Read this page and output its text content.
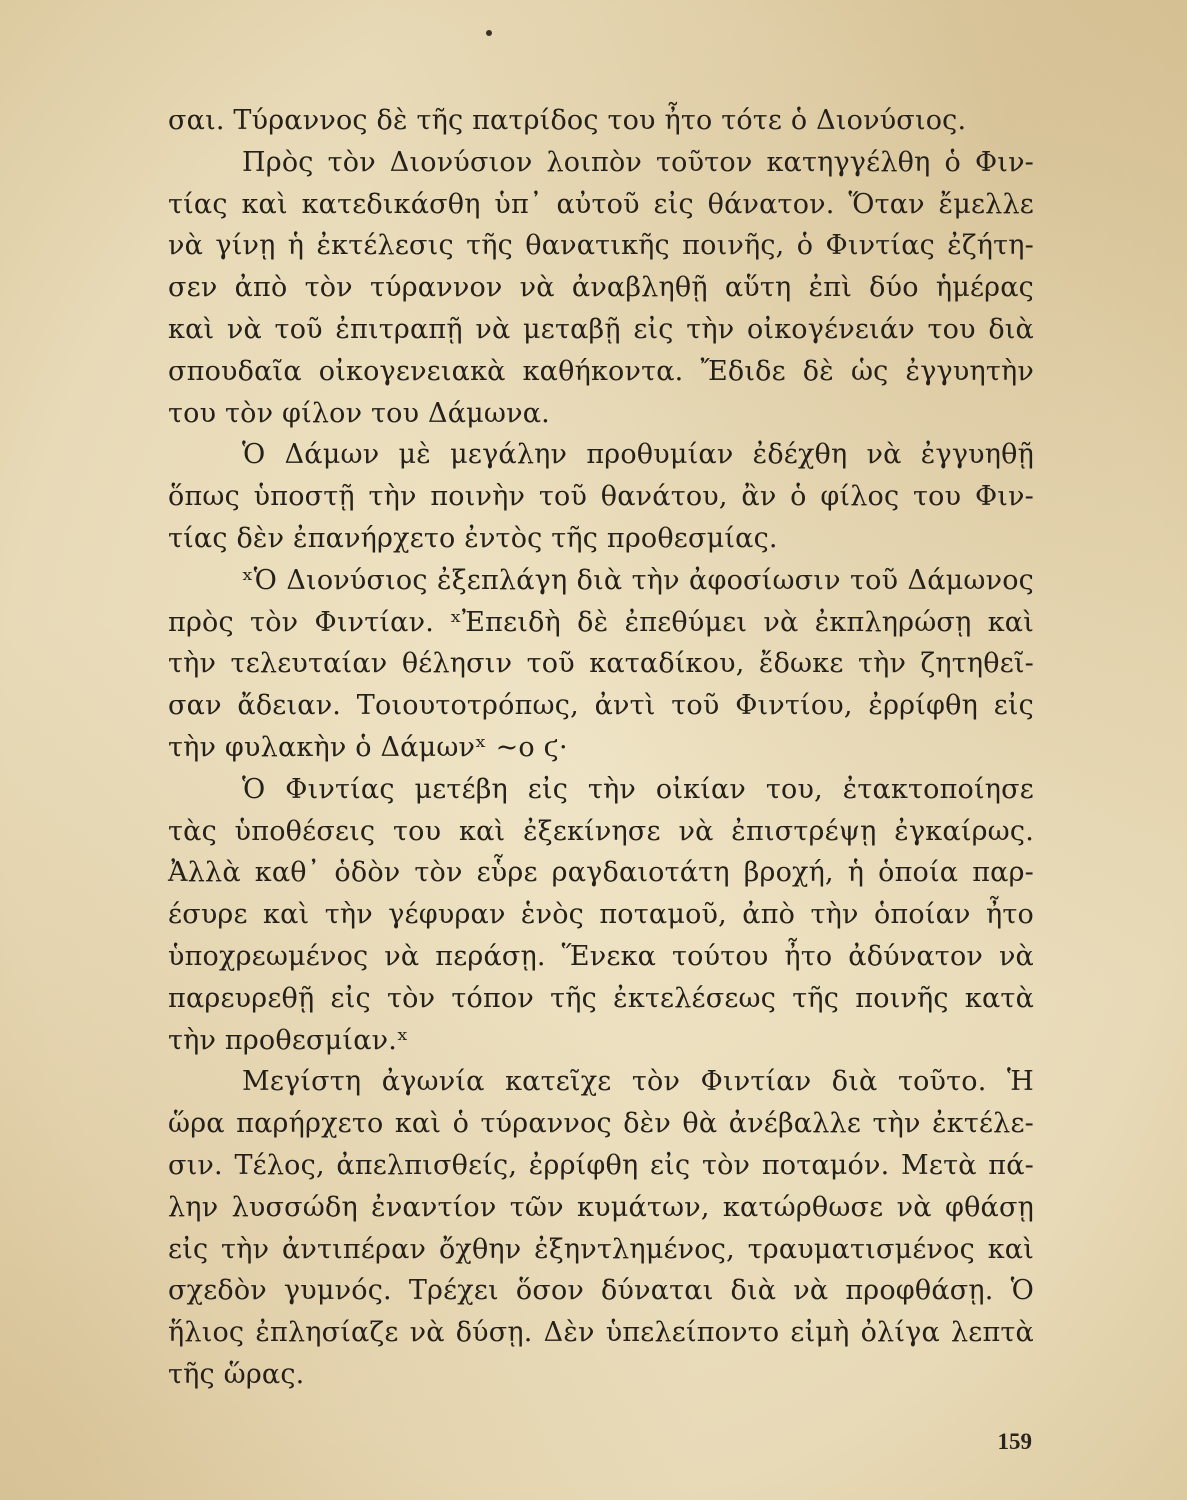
σαι. Τύραννος δὲ τῆς πατρίδος του ἦτο τότε ὁ Διονύσιος.
Πρὸς τὸν Διονύσιον λοιπὸν τοῦτον κατηγγέλθη ὁ Φιν-
τίας καὶ κατεδικάσθη ὑπ᾽ αὐτοῦ εἰς θάνατον. Ὅταν ἔμελλε
νὰ γίνῃ ἡ ἐκτέλεσις τῆς θανατικῆς ποινῆς, ὁ Φιντίας ἐζήτη-
σεν ἀπὸ τὸν τύραννον νὰ ἀναβληθῇ αὕτη ἐπὶ δύο ἡμέρας
καὶ νὰ τοῦ ἐπιτραπῇ νὰ μεταβῇ εἰς τὴν οἰκογένειάν του διὰ
σπουδαῖα οἰκογενειακὰ καθήκοντα. Ἔδιδε δὲ ὡς ἐγγυητὴν
του τὸν φίλον του Δάμωνα.
Ὁ Δάμων μὲ μεγάλην προθυμίαν ἐδέχθη νὰ ἐγγυηθῇ
ὅπως ὑποστῇ τὴν ποινὴν τοῦ θανάτου, ἂν ὁ φίλος του Φιν-
τίας δὲν ἐπανήρχετο ἐντὸς τῆς προθεσμίας.
ˣὉ Διονύσιος ἐξεπλάγη διὰ τὴν ἀφοσίωσιν τοῦ Δάμωνος
πρὸς τὸν Φιντίαν. ˣἘπειδὴ δὲ ἐπεθύμει νὰ ἐκπληρώσῃ καὶ
τὴν τελευταίαν θέλησιν τοῦ καταδίκου, ἔδωκε τὴν ζητηθεῖ-
σαν ἄδειαν. Τοιουτοτρόπως, ἀντὶ τοῦ Φιντίου, ἐρρίφθη εἰς
τὴν φυλακὴν ὁ Δάμωνˣ ~ο ϛ·
Ὁ Φιντίας μετέβη εἰς τὴν οἰκίαν του, ἐτακτοποίησε
τὰς ὑποθέσεις του καὶ ἐξεκίνησε νὰ ἐπιστρέψῃ ἐγκαίρως.
Ἀλλὰ καθ᾽ ὁδὸν τὸν εὗρε ραγδαιοτάτη βροχή, ἡ ὁποία παρ-
έσυρε καὶ τὴν γέφυραν ἑνὸς ποταμοῦ, ἀπὸ τὴν ὁποίαν ἦτο
ὑποχρεωμένος νὰ περάσῃ. Ἕνεκα τούτου ἦτο ἀδύνατον νὰ
παρευρεθῇ εἰς τὸν τόπον τῆς ἐκτελέσεως τῆς ποινῆς κατὰ
τὴν προθεσμίαν.ˣ
Μεγίστη ἀγωνία κατεῖχε τὸν Φιντίαν διὰ τοῦτο. Ἡ
ὥρα παρήρχετο καὶ ὁ τύραννος δὲν θὰ ἀνέβαλλε τὴν ἐκτέλε-
σιν. Τέλος, ἀπελπισθείς, ἐρρίφθη εἰς τὸν ποταμόν. Μετὰ πά-
λην λυσσώδη ἐναντίον τῶν κυμάτων, κατώρθωσε νὰ φθάσῃ
εἰς τὴν ἀντιπέραν ὄχθην ἐξηντλημένος, τραυματισμένος καὶ
σχεδὸν γυμνός. Τρέχει ὅσον δύναται διὰ νὰ προφθάσῃ. Ὁ
ἥλιος ἐπλησίαζε νὰ δύσῃ. Δὲν ὑπελείποντο εἰμὴ ὀλίγα λεπτὰ
τῆς ὥρας.
159
